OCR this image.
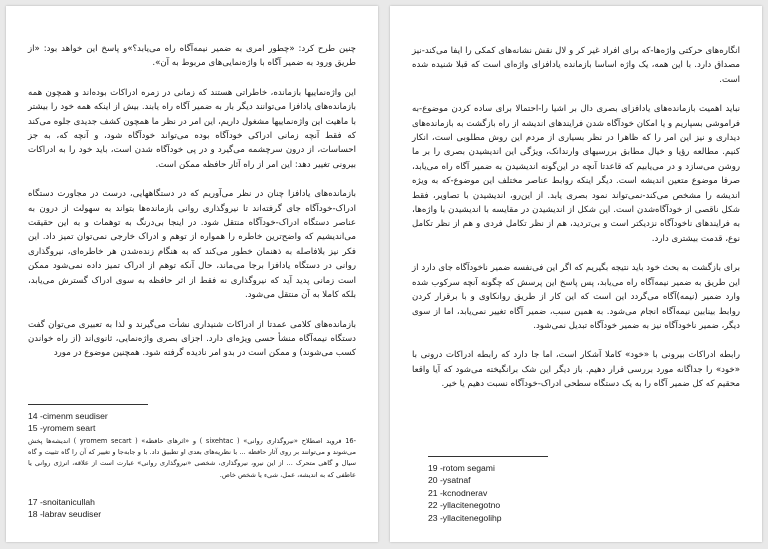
چنین طرح کرد: «چطور امری به ضمیر نیمه‌آگاه راه می‌یابد؟»و پاسخ این خواهد بود: «از طریق ورود به ضمیر آگاه با واژه‌نمایی‌های مربوط به آن».

این واژه‌نماییها بازمانده، خاطراتی هستند که زمانی در زمره ادراکات بوده‌اند و همچون همه بازمانده‌های یادافزا می‌توانند دیگر بار به ضمیر آگاه راه یابند. بیش از اینکه همه خود را بیشتر با ماهیت این واژه‌نماییها مشغول داریم، این امر در نظر ما همچون کشف جدیدی جلوه می‌کند که فقط آنچه زمانی ادراکی خودآگاه بوده می‌تواند خودآگاه شود، و آنچه که، به جز احساسات، از درون سرچشمه می‌گیرد و در پی خودآگاه شدن است، باید خود را به ادراکات بیرونی تغییر دهد: این امر از راه آثار حافظه ممکن است.

بازمانده‌های یادافزا چنان در نظر می‌آوریم که در دستگاههایی، درست در مجاورت دستگاه ادراک-خودآگاه جای گرفته‌اند تا نیروگذاری روانی بازمانده‌ها بتواند به سهولت از درون به عناصر دستگاه ادراک-خودآگاه منتقل شود. در اینجا بی‌درنگ به توهمات و به این حقیقت می‌اندیشیم که واضح‌ترین خاطره را همواره از توهم و ادراک خارجی نمی‌توان تمیز داد. این فکر نیز بلافاصله به ذهنمان خطور می‌کند که به هنگام زنده‌شدن هر خاطره‌ای، نیروگذاری روانی در دستگاه یادافزا برجا می‌ماند، حال آنکه توهم از ادراک تمیز داده نمی‌شود ممکن است زمانی پدید آید که نیروگذاری نه فقط از اثر حافظه به سوی ادراک گسترش می‌یابد، بلکه کاملا به آن منتقل می‌شود.

بازمانده‌های کلامی عمدتا از ادراکات شنیداری نشأت می‌گیرند و لذا به تعبیری می‌توان گفت دستگاه نیمه‌آگاه منشأ حسی ویژه‌ای دارد. اجزای بصری واژه‌نمایی، ثانوی‌اند (از راه خواندن کسب می‌شوند) و ممکن است در بدو امر نادیده گرفته شود. همچنین موضوع در مورد

14 -cimenm seudiser
15 -yromem seart
-16 فروید اصطلاح «نیروگذاری روانی» ( sixehtac ) و «اثرهای حافظه» ( yromem secart ) اندیشه‌ها پخش می‌شوند و می‌توانند بر روی آثار حافظه ... با نظریه‌های بعدی او تطبیق داد. با و جابه‌جا و تغییر که آن را گاه تثبیت و گاه سیال و گاهی متحرک ... از این نیرو، نیروگذاری، شخصی «نیروگذاری روانی» عبارت است از علاقه، انرژی روانی یا عاطفی که به اندیشه، عمل، شیء یا شخص خاص.
17 -snoitanicullah
18 -labrav seudiser

انگاره‌های حرکتی واژه‌ها-که برای افراد غیر کر و لال نقش نشانه‌های کمکی را ایفا می‌کند-نیز مصداق دارد. با این همه، یک واژه اساسا بازمانده یادافزای واژه‌ای است که قبلا شنیده شده است.

نباید اهمیت بازمانده‌های یادافزای بصری دال بر اشیا را-احتمالا برای ساده کردن موضوع-به فراموشی بسپاریم و یا امکان خودآگاه شدن فرایندهای اندیشه از راه بازگشت به بازمانده‌های دیداری و نیز این امر را که ظاهرا در نظر بسیاری از مردم این روش مطلوبی است، انکار کنیم. مطالعه رؤیا و خیال مطابق بررسیهای وارندانک، ویژگی این اندیشیدن بصری را بر ما روشن می‌سازد و در می‌یابیم که قاعدتا آنچه در این‌گونه اندیشیدن به ضمیر آگاه راه می‌یابد، صرفا موضوع متعین اندیشه است. دیگر اینکه روابط عناصر مختلف این موضوع-که به ویژه اندیشه را مشخص می‌کند-نمی‌تواند نمود بصری یابد. از این‌رو، اندیشیدن با تصاویر، فقط شکل ناقصی از خودآگاه‌شدن است. این شکل از اندیشیدن در مقایسه با اندیشیدن با واژه‌ها، به فرایندهای ناخودآگاه نزدیکتر است و بی‌تردید، هم از نظر تکامل فردی و هم از نظر تکامل نوع، قدمت بیشتری دارد.

برای بازگشت به بحث خود باید نتیجه بگیریم که اگر این فی‌نفسه ضمیر ناخودآگاه جای دارد از این طریق به ضمیر نیمه‌آگاه راه می‌یابد، پس پاسخ این پرسش که چگونه آنچه سرکوب شده وارد ضمیر (نیمه)آگاه می‌گردد این است که این کار از طریق روانکاوی و با برقرار کردن روابط بینابین نیمه‌آگاه انجام می‌شود. به همین سبب، ضمیر آگاه تغییر نمی‌یابد، اما از سوی دیگر، ضمیر ناخودآگاه نیز به ضمیر خودآگاه تبدیل نمی‌شود.

رابطه ادراکات بیرونی با «خود» کاملا آشکار است، اما جا دارد که رابطه ادراکات درونی با «خود» را جداگانه مورد بررسی قرار دهیم. باز دیگر این شک برانگیخته می‌شود که آیا واقعا محقیم که کل ضمیر آگاه را به یک دستگاه سطحی ادراک-خودآگاه نسبت دهیم یا خیر.

19 -rotom segami
20 -ysatnaf
21 -kcnodnerav
22 -yllacitenegotno
23 -yllacitenegolihp
